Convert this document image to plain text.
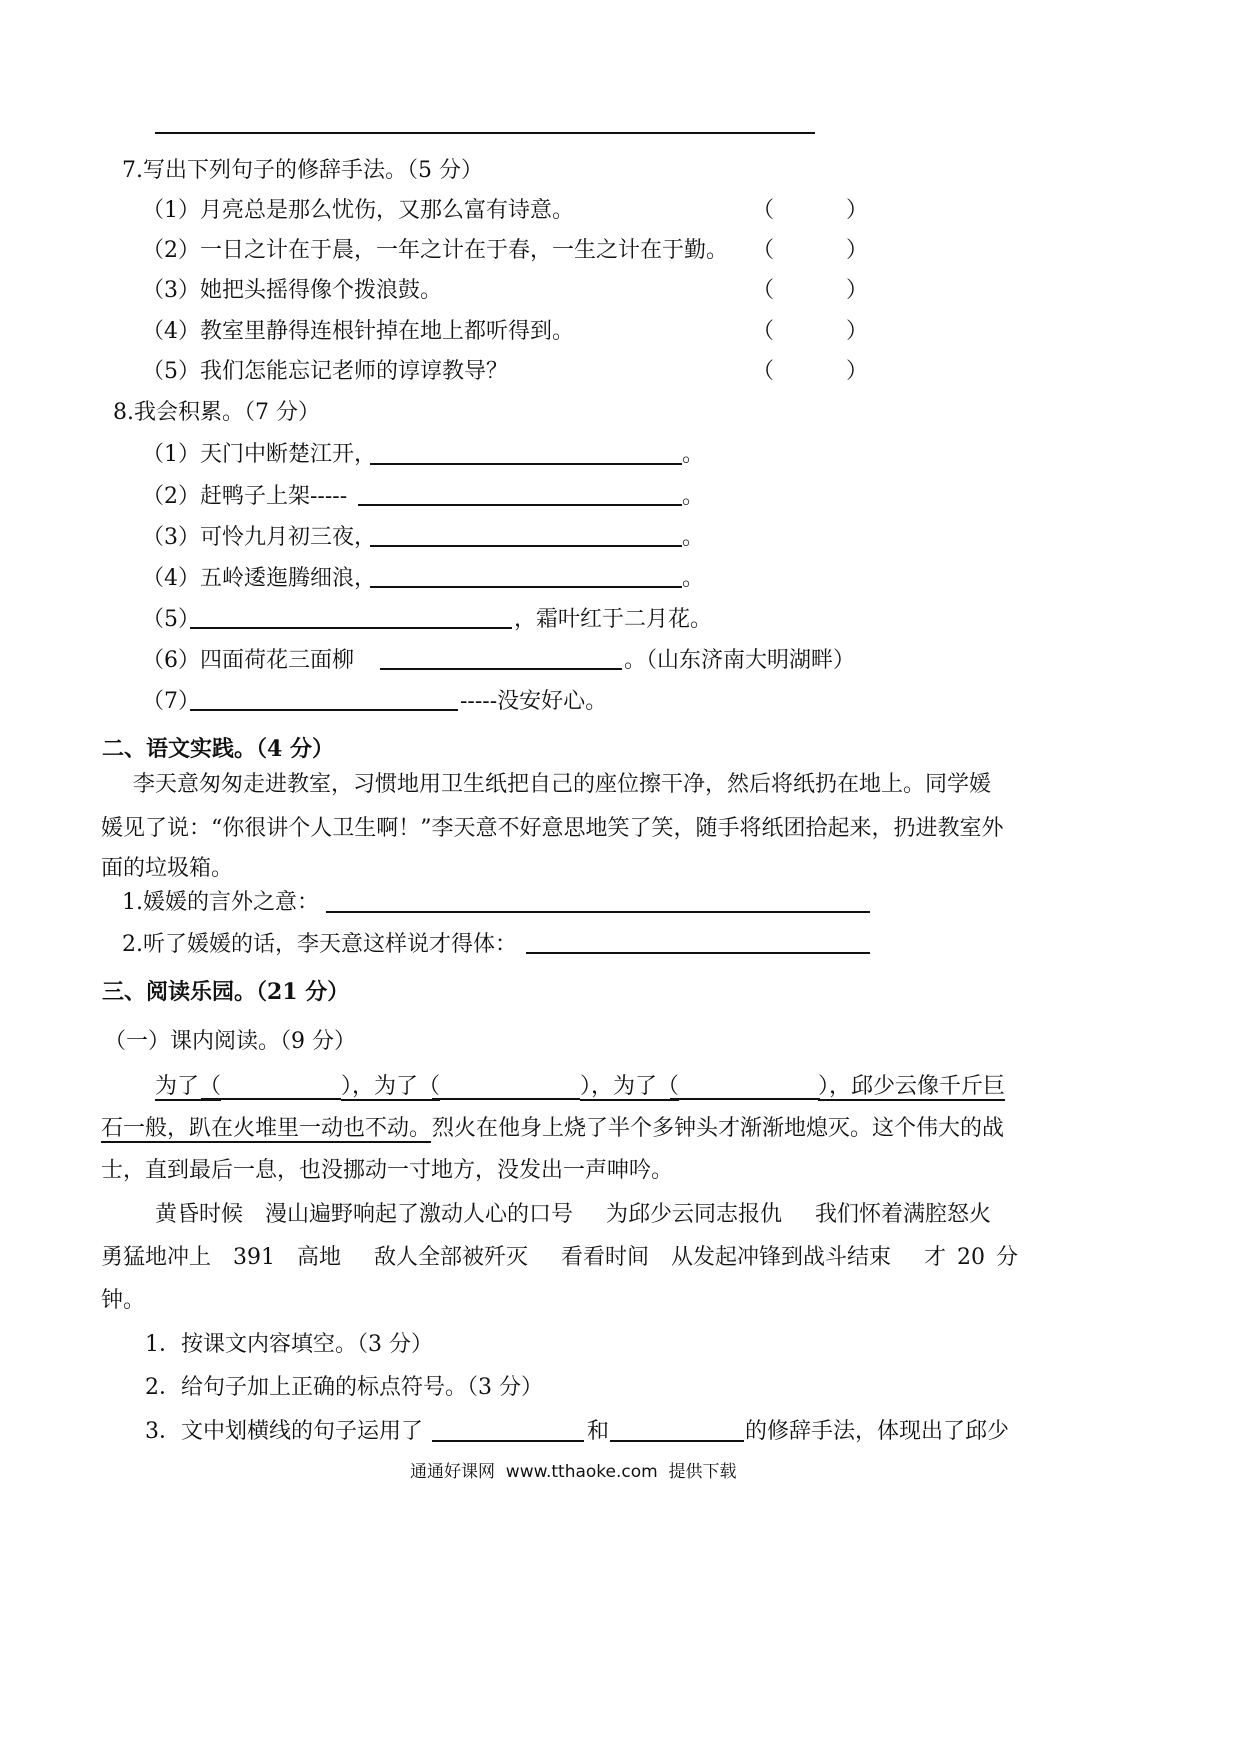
7.写出下列句子的修辞手法。（5 分）
（1）月亮总是那么忧伤，又那么富有诗意。	（	）
（2）一日之计在于晨，一年之计在于春，一生之计在于勤。 （	）
（3）她把头摇得像个拨浪鼓。	（	）
（4）教室里静得连根针掉在地上都听得到。	（	）
（5）我们怎能忘记老师的谆谆教导？	（	）
8.我会积累。（7 分）
（1）天门中断楚江开，	。
（2）赶鸭子上架-----	。
（3）可怜九月初三夜，	。
（4）五岭逶迤腾细浪，	。
（5）	，霜叶红于二月花。
（6）四面荷花三面柳	。（山东济南大明湖畔）
（7）	-----没安好心。
二、语文实践。（4 分）
李天意匆匆走进教室，习惯地用卫生纸把自己的座位擦干净，然后将纸扔在地上。同学媛
媛见了说：“你很讲个人卫生啊！”李天意不好意思地笑了笑，随手将纸团拾起来，扔进教室外
面的垃圾箱。
1.媛媛的言外之意：
2.听了媛媛的话，李天意这样说才得体：
三、阅读乐园。（21 分）
（一）课内阅读。（9 分）
为了（	），为了（	），为了（	），邱少云像千斤巨
石一般，趴在火堆里一动也不动。 烈火在他身上烧了半个多钟头才渐渐地熄灭。这个伟大的战
士，直到最后一息，也没挪动一寸地方，没发出一声呻吟。
黄昏时候　漫山遍野响起了激动人心的口号　 为邱少云同志报仇　 我们怀着满腔怒火
勇猛地冲上　391　高地　 敌人全部被歼灭　 看看时间　从发起冲锋到战斗结束　 才 20 分
钟。
1．按课文内容填空。（3 分）
2．给句子加上正确的标点符号。（3 分）
3．文中划横线的句子运用了	和	的修辞手法，体现出了邱少
通通好课网  www.tthaoke.com  提供下载
